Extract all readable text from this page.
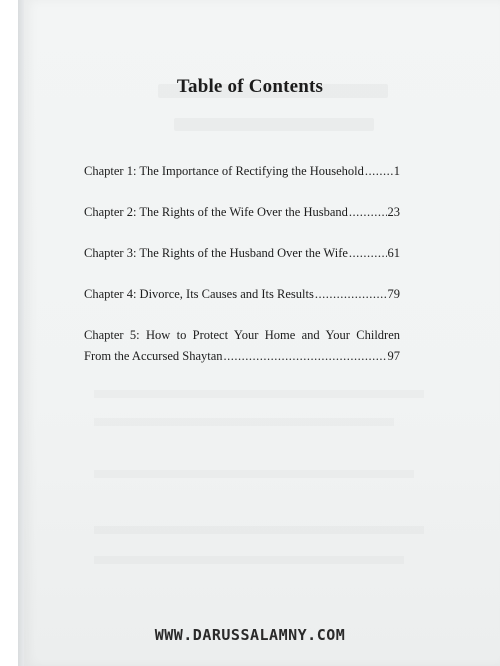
Table of Contents
Chapter 1: The Importance of Rectifying the Household ..... 1
Chapter 2: The Rights of the Wife Over the Husband .....	23
Chapter 3: The Rights of the Husband Over the Wife .....	61
Chapter 4: Divorce, Its Causes and Its Results .....	79
Chapter 5: How to Protect Your Home and Your Children
From the Accursed Shaytan .....	97
WWW.DARUSSALAMNY.COM
